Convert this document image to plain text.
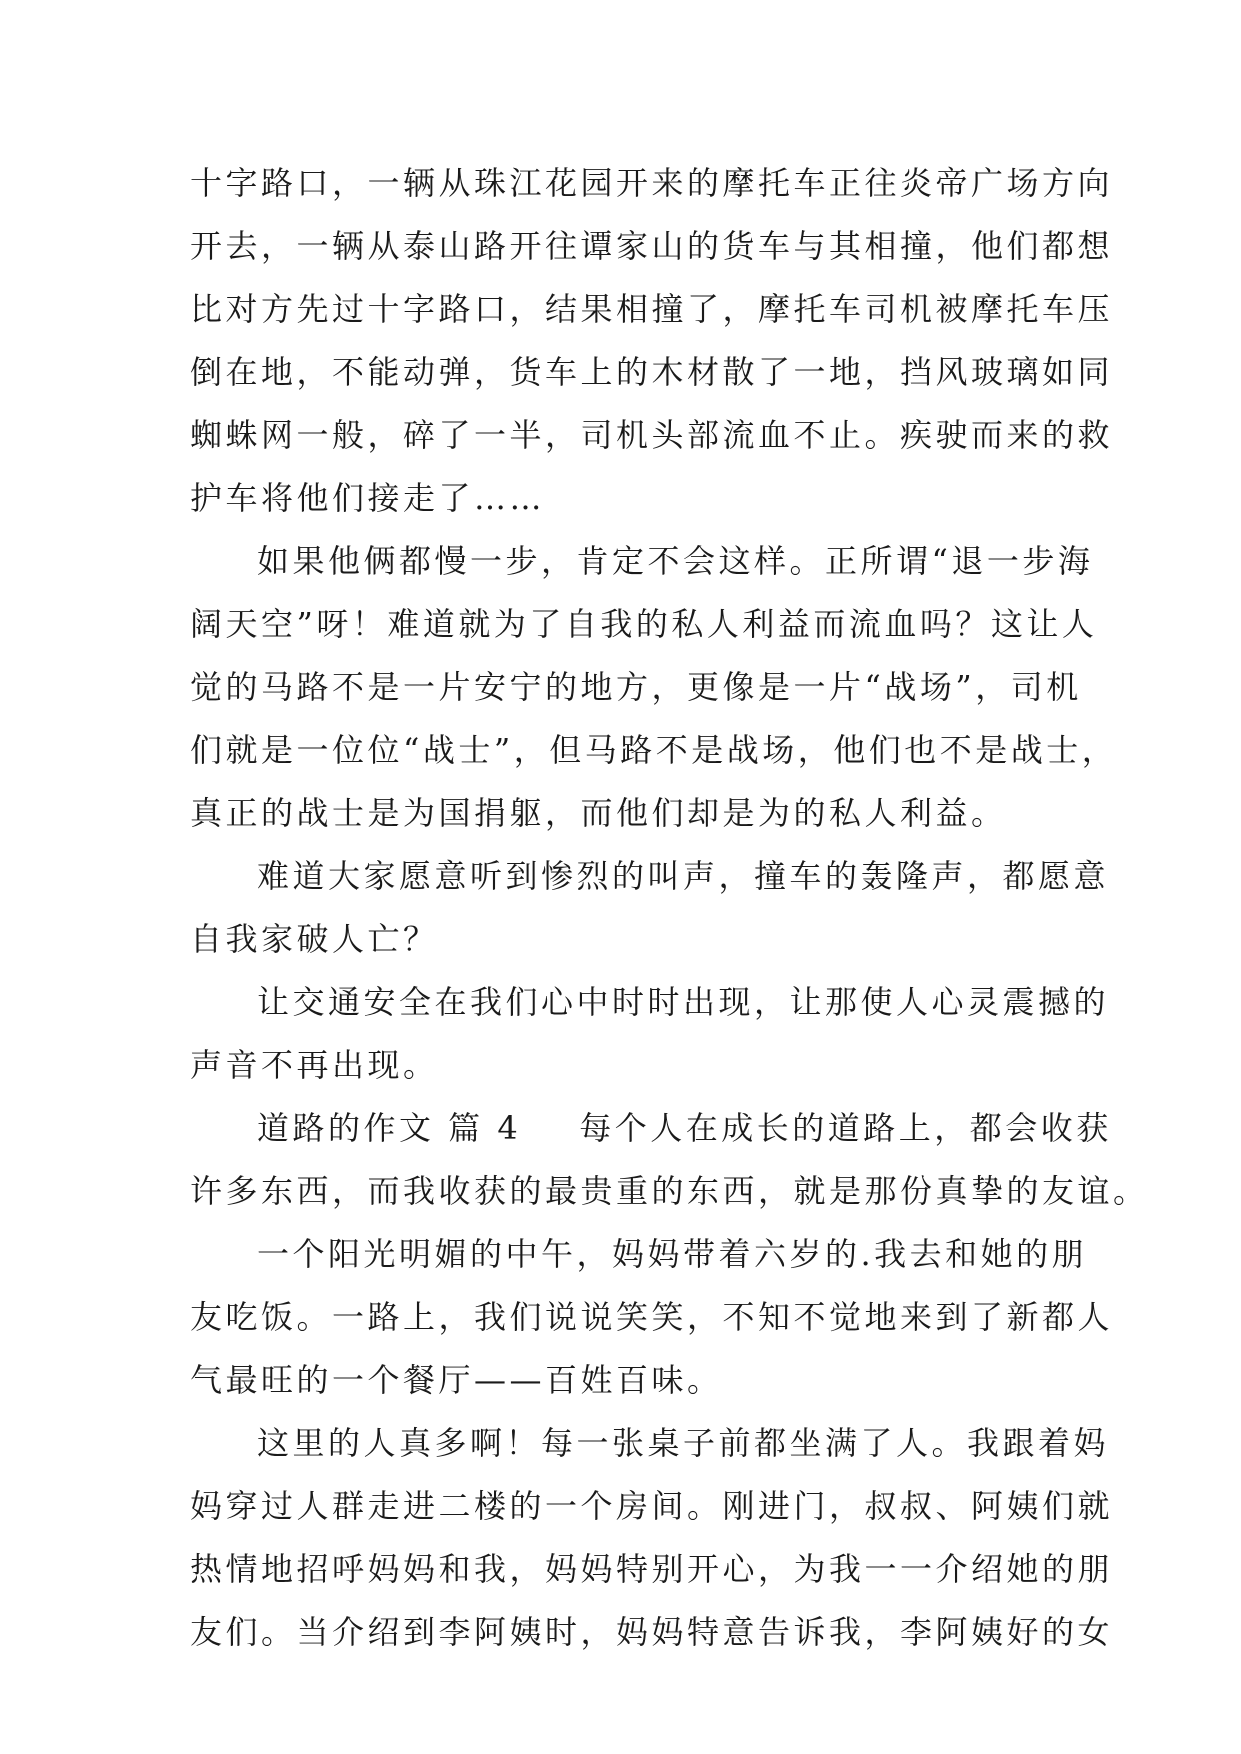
十字路口，一辆从珠江花园开来的摩托车正往炎帝广场方向
开去，一辆从泰山路开往谭家山的货车与其相撞，他们都想
比对方先过十字路口，结果相撞了，摩托车司机被摩托车压
倒在地，不能动弹，货车上的木材散了一地，挡风玻璃如同
蜘蛛网一般，碎了一半，司机头部流血不止。疾驶而来的救
护车将他们接走了……
如果他俩都慢一步，肯定不会这样。正所谓“退一步海
阔天空”呀！难道就为了自我的私人利益而流血吗？这让人
觉的马路不是一片安宁的地方，更像是一片“战场”，司机
们就是一位位“战士”，但马路不是战场，他们也不是战士，
真正的战士是为国捐躯，而他们却是为的私人利益。
难道大家愿意听到惨烈的叫声，撞车的轰隆声，都愿意
自我家破人亡？
让交通安全在我们心中时时出现，让那使人心灵震撼的
声音不再出现。
道路的作文 篇 4 每个人在成长的道路上，都会收获
许多东西，而我收获的最贵重的东西，就是那份真挚的友谊。
一个阳光明媚的中午，妈妈带着六岁的.我去和她的朋
友吃饭。一路上，我们说说笑笑，不知不觉地来到了新都人
气最旺的一个餐厅——百姓百味。
这里的人真多啊！每一张桌子前都坐满了人。我跟着妈
妈穿过人群走进二楼的一个房间。刚进门，叔叔、阿姨们就
热情地招呼妈妈和我，妈妈特别开心，为我一一介绍她的朋
友们。当介绍到李阿姨时，妈妈特意告诉我，李阿姨好的女
